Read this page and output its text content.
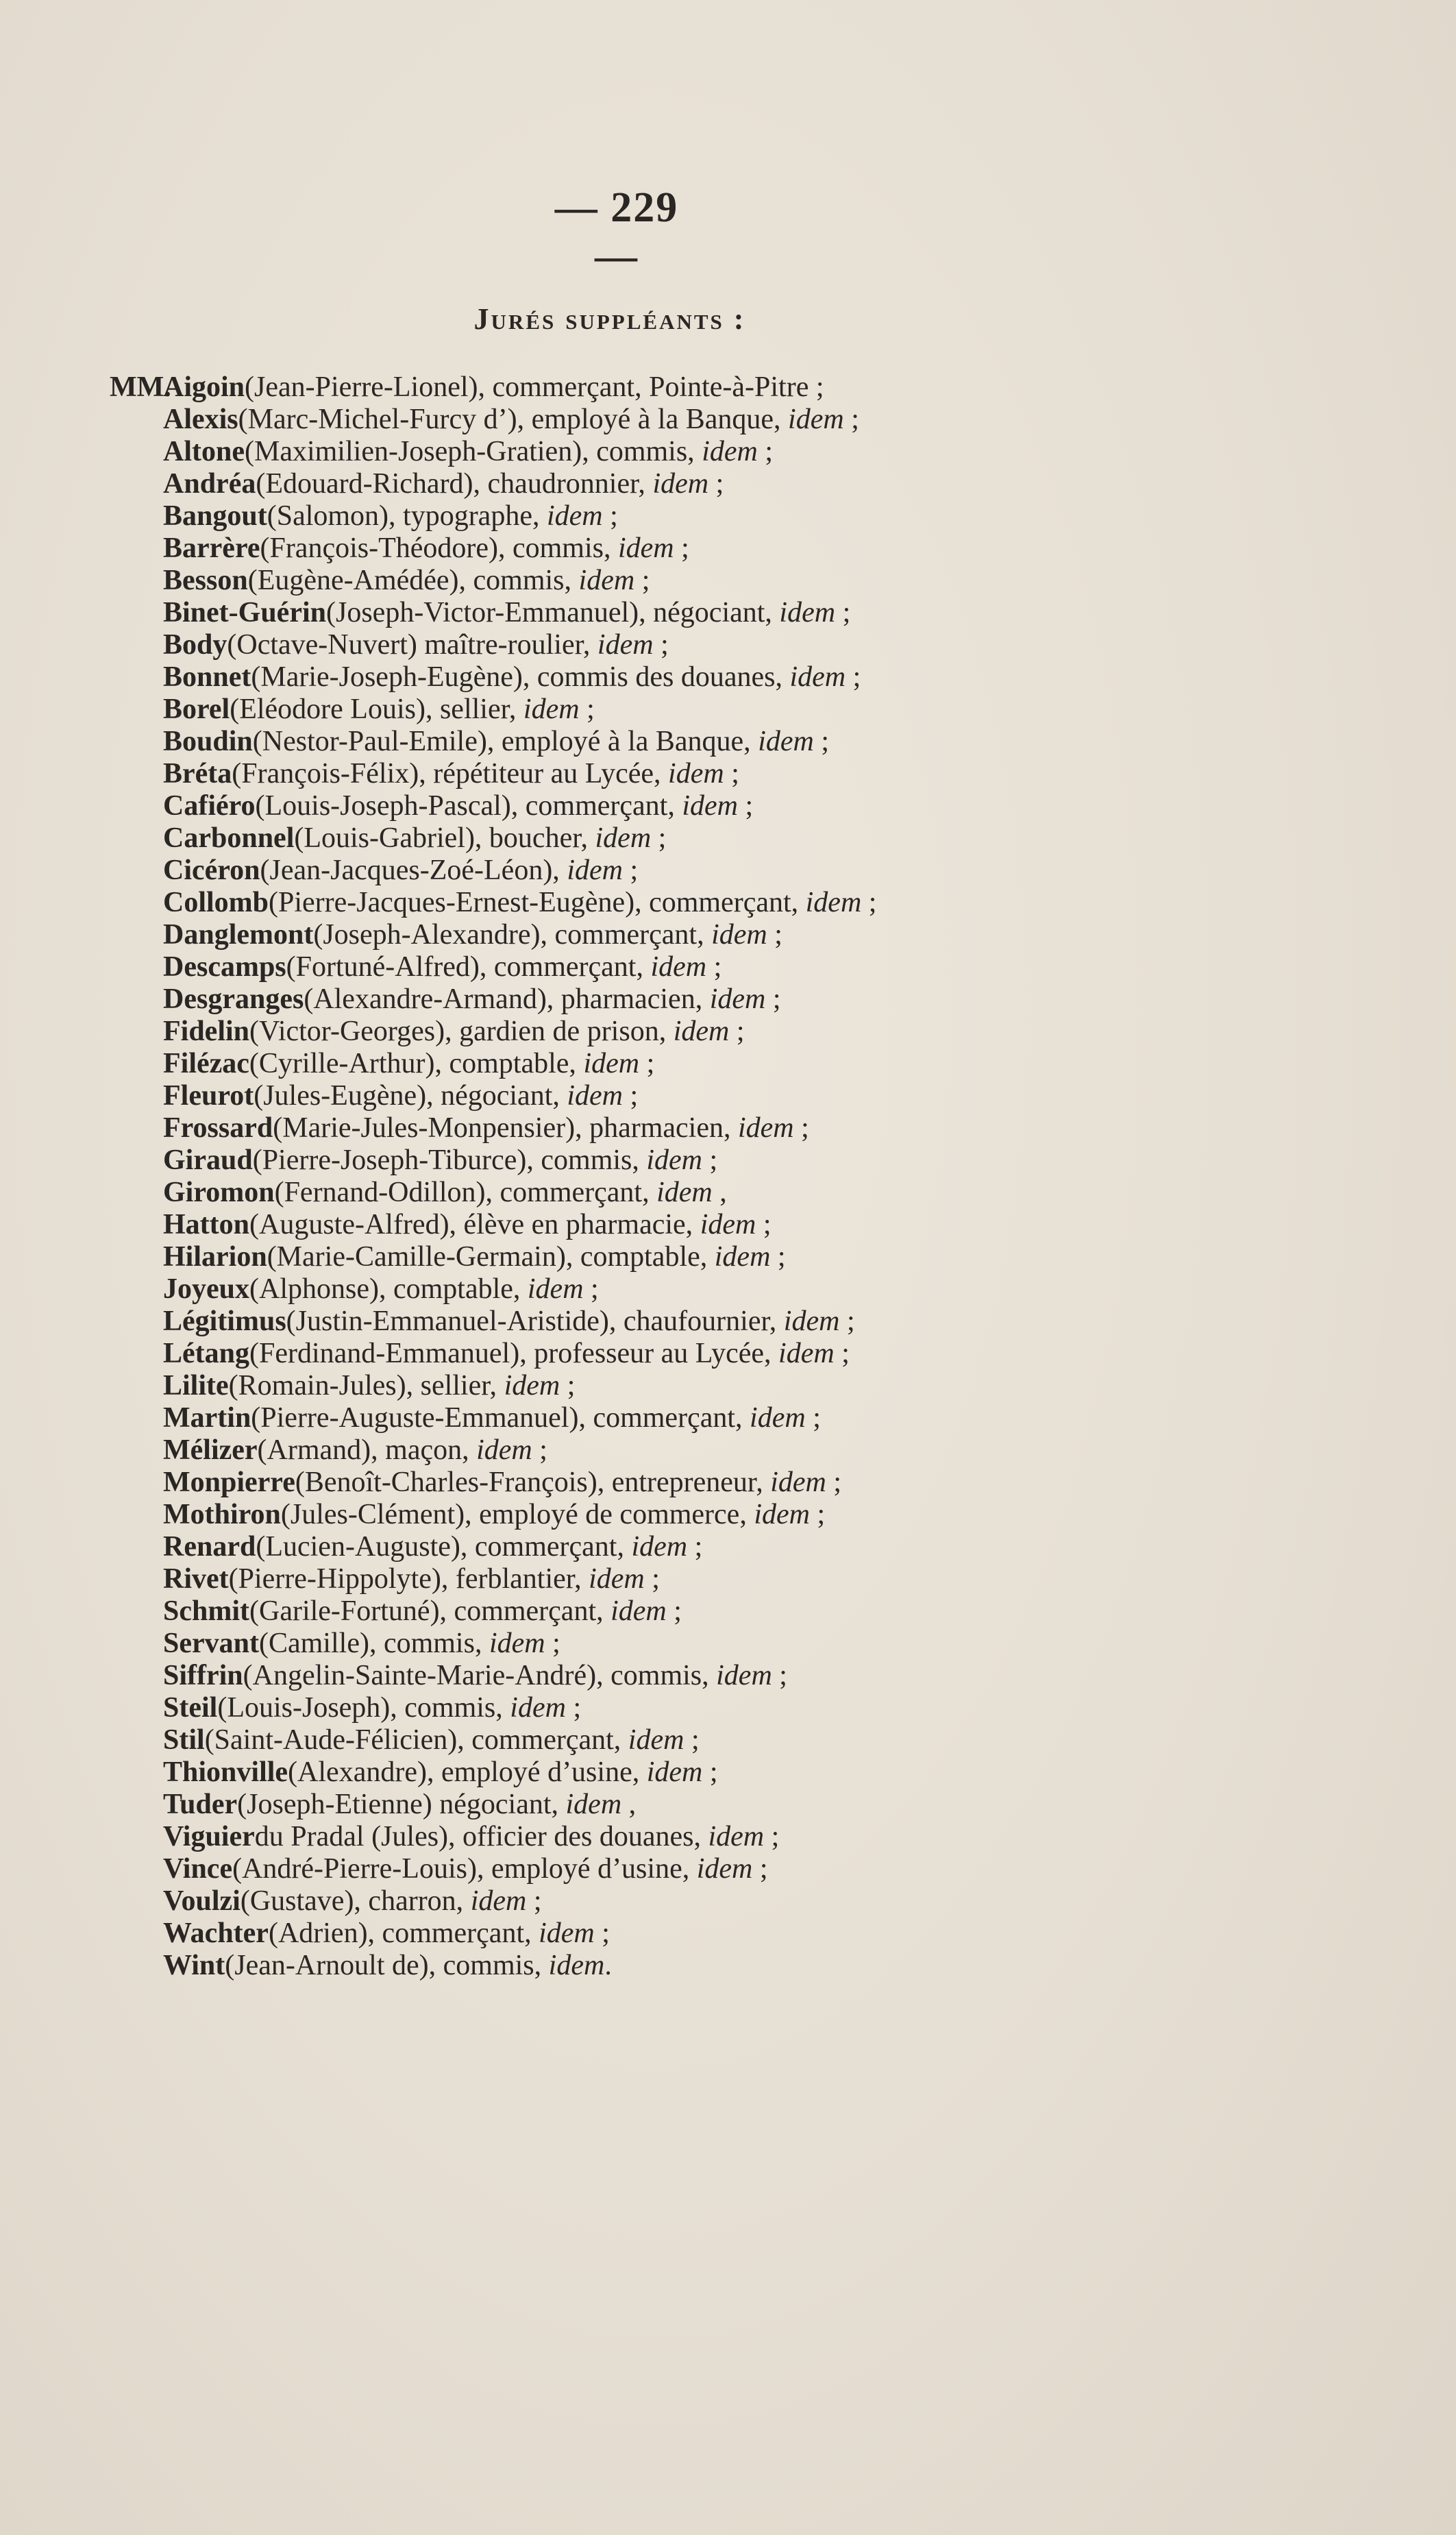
— 229 —
Jurés suppléants :
MM.
Aigoin (Jean-Pierre-Lionel), commerçant, Pointe-à-Pitre ;
Alexis (Marc-Michel-Furcy d’), employé à la Banque, idem ;
Altone (Maximilien-Joseph-Gratien), commis, idem ;
Andréa (Edouard-Richard), chaudronnier, idem ;
Bangout (Salomon), typographe, idem ;
Barrère (François-Théodore), commis, idem ;
Besson (Eugène-Amédée), commis, idem ;
Binet-Guérin (Joseph-Victor-Emmanuel), négociant, idem ;
Body (Octave-Nuvert) maître-roulier, idem ;
Bonnet (Marie-Joseph-Eugène), commis des douanes, idem ;
Borel (Eléodore Louis), sellier, idem ;
Boudin (Nestor-Paul-Emile), employé à la Banque, idem ;
Bréta (François-Félix), répétiteur au Lycée, idem ;
Cafiéro (Louis-Joseph-Pascal), commerçant, idem ;
Carbonnel (Louis-Gabriel), boucher, idem ;
Cicéron (Jean-Jacques-Zoé-Léon), idem ;
Collomb (Pierre-Jacques-Ernest-Eugène), commerçant, idem ;
Danglemont (Joseph-Alexandre), commerçant, idem ;
Descamps (Fortuné-Alfred), commerçant, idem ;
Desgranges (Alexandre-Armand), pharmacien, idem ;
Fidelin (Victor-Georges), gardien de prison, idem ;
Filézac (Cyrille-Arthur), comptable, idem ;
Fleurot (Jules-Eugène), négociant, idem ;
Frossard (Marie-Jules-Monpensier), pharmacien, idem ;
Giraud (Pierre-Joseph-Tiburce), commis, idem ;
Giromon (Fernand-Odillon), commerçant, idem ,
Hatton (Auguste-Alfred), élève en pharmacie, idem ;
Hilarion (Marie-Camille-Germain), comptable, idem ;
Joyeux (Alphonse), comptable, idem ;
Légitimus (Justin-Emmanuel-Aristide), chaufournier, idem ;
Létang (Ferdinand-Emmanuel), professeur au Lycée, idem ;
Lilite (Romain-Jules), sellier, idem ;
Martin (Pierre-Auguste-Emmanuel), commerçant, idem ;
Mélizer (Armand), maçon, idem ;
Monpierre (Benoît-Charles-François), entrepreneur, idem ;
Mothiron (Jules-Clément), employé de commerce, idem ;
Renard (Lucien-Auguste), commerçant, idem ;
Rivet (Pierre-Hippolyte), ferblantier, idem ;
Schmit (Garile-Fortuné), commerçant, idem ;
Servant (Camille), commis, idem ;
Siffrin (Angelin-Sainte-Marie-André), commis, idem ;
Steil (Louis-Joseph), commis, idem ;
Stil (Saint-Aude-Félicien), commerçant, idem ;
Thionville (Alexandre), employé d’usine, idem ;
Tuder (Joseph-Etienne) négociant, idem ,
Viguier du Pradal (Jules), officier des douanes, idem ;
Vince (André-Pierre-Louis), employé d’usine, idem ;
Voulzi (Gustave), charron, idem ;
Wachter (Adrien), commerçant, idem ;
Wint (Jean-Arnoult de), commis, idem.
